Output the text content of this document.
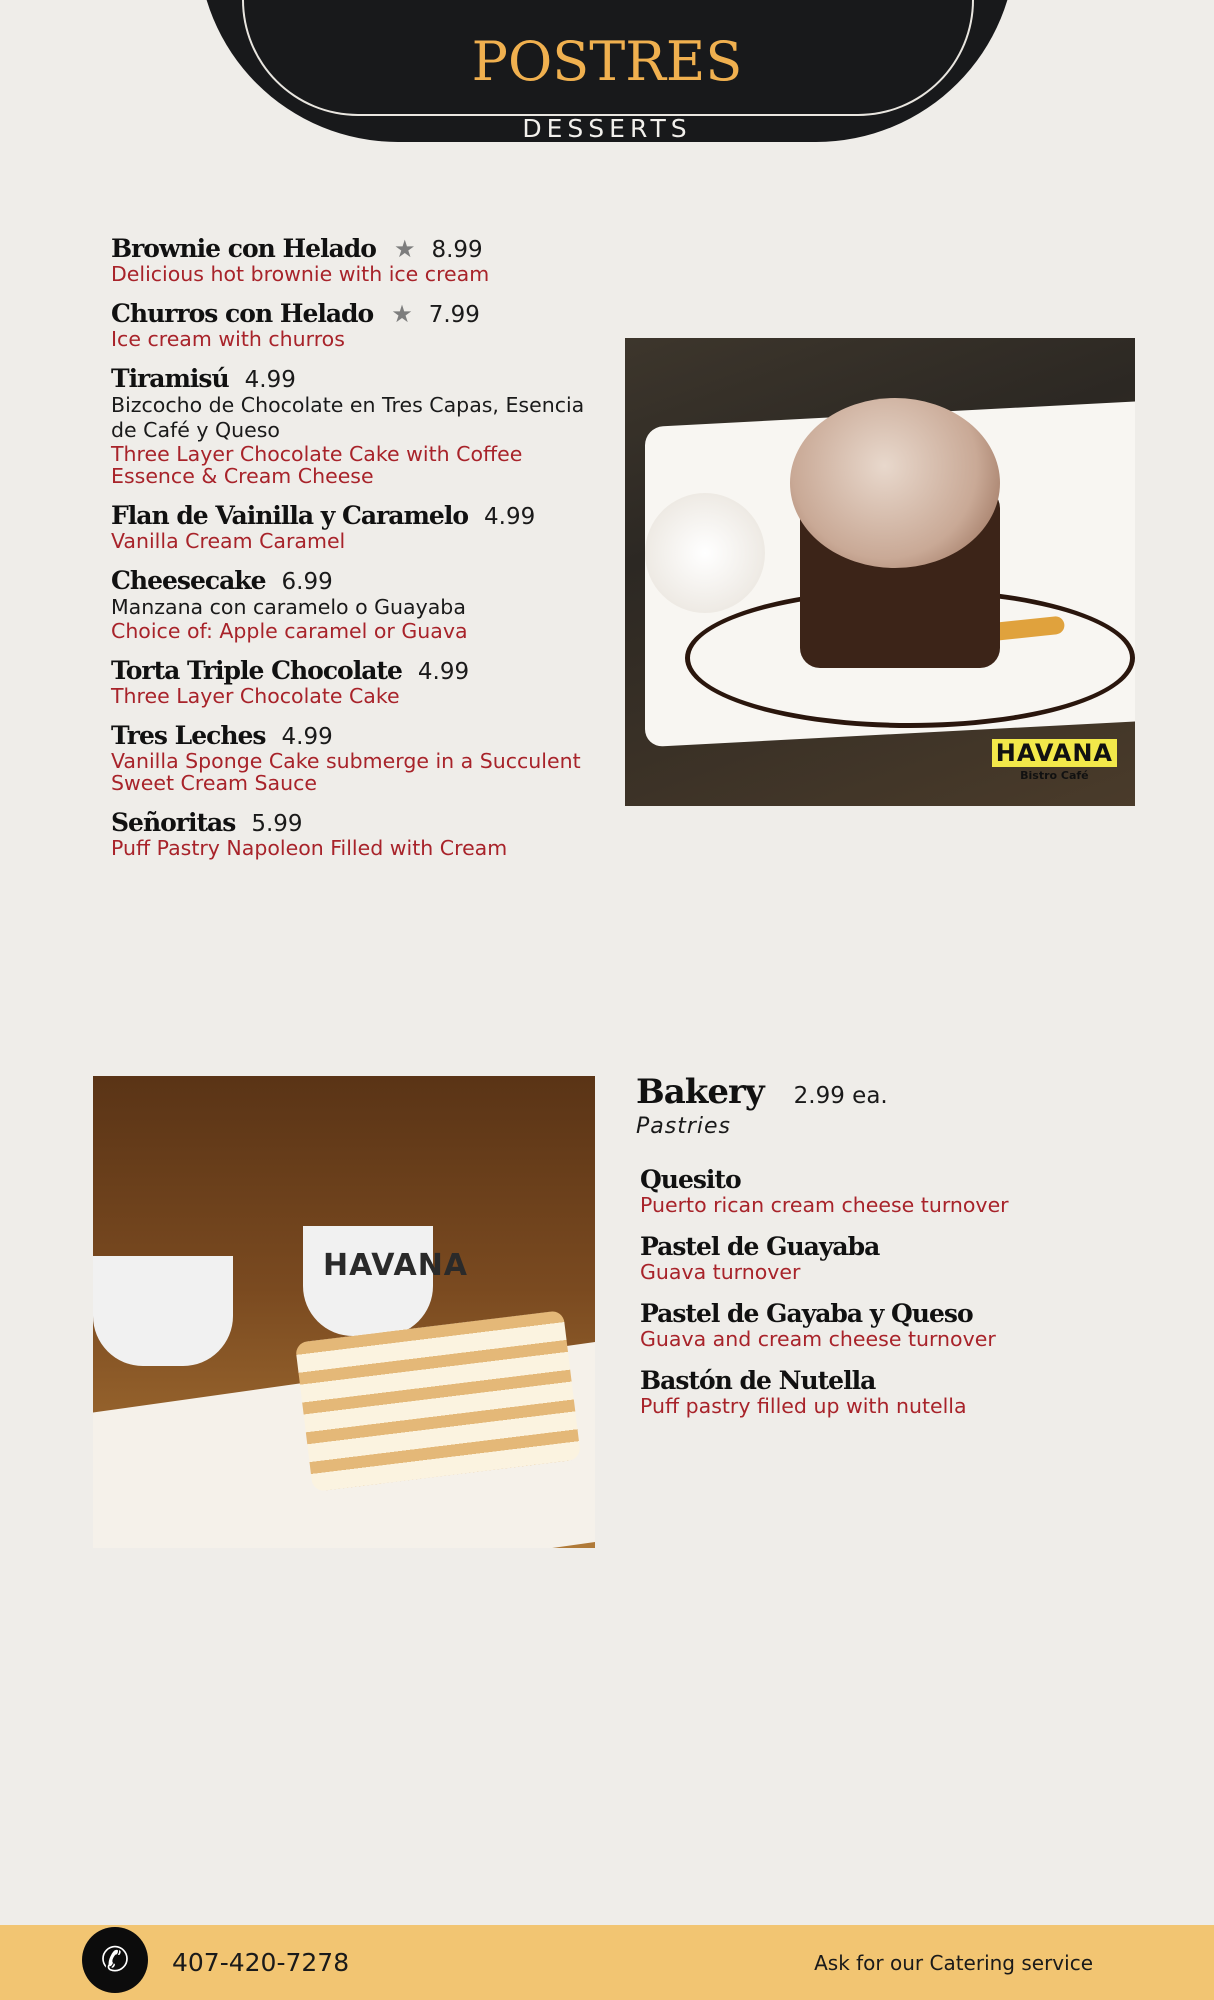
POSTRES
DESSERTS
Brownie con Helado ★ 8.99
Delicious hot brownie with ice cream
Churros con Helado ★ 7.99
Ice cream with churros
Tiramisú 4.99
Bizcocho de Chocolate en Tres Capas, Esencia de Café y Queso
Three Layer Chocolate Cake with Coffee Essence & Cream Cheese
Flan de Vainilla y Caramelo 4.99
Vanilla Cream Caramel
Cheesecake 6.99
Manzana con caramelo o Guayaba
Choice of: Apple caramel or Guava
Torta Triple Chocolate 4.99
Three Layer Chocolate Cake
Tres Leches 4.99
Vanilla Sponge Cake submerge in a Succulent Sweet Cream Sauce
Señoritas 5.99
Puff Pastry Napoleon Filled with Cream
HAVANA
Bistro Café
HAVANA
Bakery 2.99 ea.
Pastries
Quesito
Puerto rican cream cheese turnover
Pastel de Guayaba
Guava turnover
Pastel de Gayaba y Queso
Guava and cream cheese turnover
Bastón de Nutella
Puff pastry filled up with nutella
✆	407-420-7278	Ask for our Catering service
